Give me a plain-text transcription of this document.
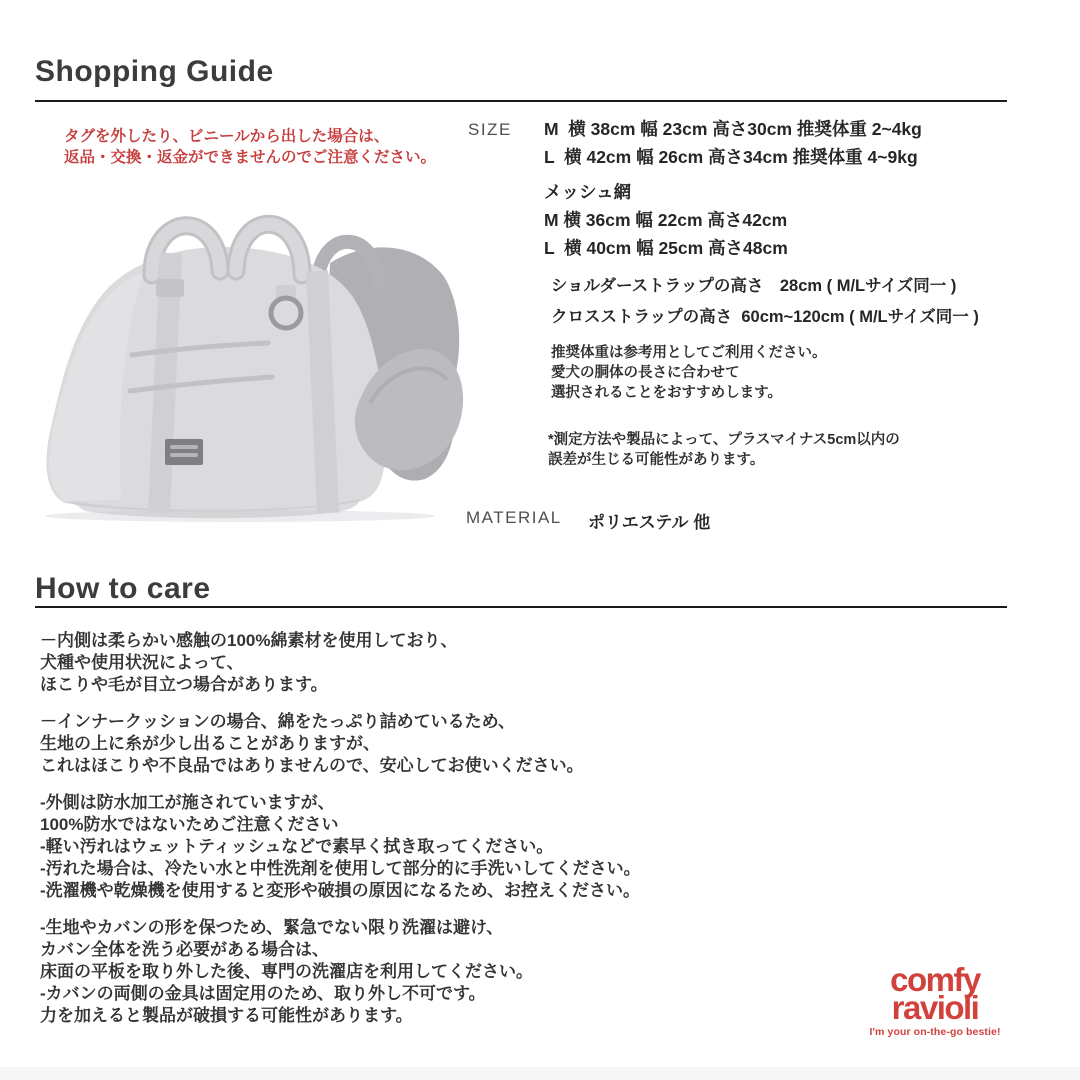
Shopping Guide
タグを外したり、ビニールから出した場合は、
返品・交換・返金ができませんのでご注意ください。
SIZE M  横 38cm 幅 23cm 高さ30cm 推奨体重 2~4kg
L  横 42cm 幅 26cm 高さ34cm 推奨体重 4~9kg
メッシュ網
M 横 36cm 幅 22cm 高さ42cm
L  横 40cm 幅 25cm 高さ48cm
ショルダーストラップの高さ　28cm ( M/Lサイズ同一 )
クロスストラップの高さ  60cm~120cm ( M/Lサイズ同一 )
推奨体重は参考用としてご利用ください。
愛犬の胴体の長さに合わせて
選択されることをおすすめします。
*測定方法や製品によって、プラスマイナス5cm以内の
誤差が生じる可能性があります。
MATERIAL ポリエステル 他
How to care
－内側は柔らかい感触の100%綿素材を使用しており、
犬種や使用状況によって、
ほこりや毛が目立つ場合があります。
－インナークッションの場合、綿をたっぷり詰めているため、
生地の上に糸が少し出ることがありますが、
これはほこりや不良品ではありませんので、安心してお使いください。
-外側は防水加工が施されていますが、
100%防水ではないためご注意ください
-軽い汚れはウェットティッシュなどで素早く拭き取ってください。
-汚れた場合は、冷たい水と中性洗剤を使用して部分的に手洗いしてください。
-洗濯機や乾燥機を使用すると変形や破損の原因になるため、お控えください。
-生地やカバンの形を保つため、緊急でない限り洗濯は避け、
カバン全体を洗う必要がある場合は、
床面の平板を取り外した後、専門の洗濯店を利用してください。
-カバンの両側の金具は固定用のため、取り外し不可です。
力を加えると製品が破損する可能性があります。
comfy
ravioli
I'm your on-the-go bestie!
